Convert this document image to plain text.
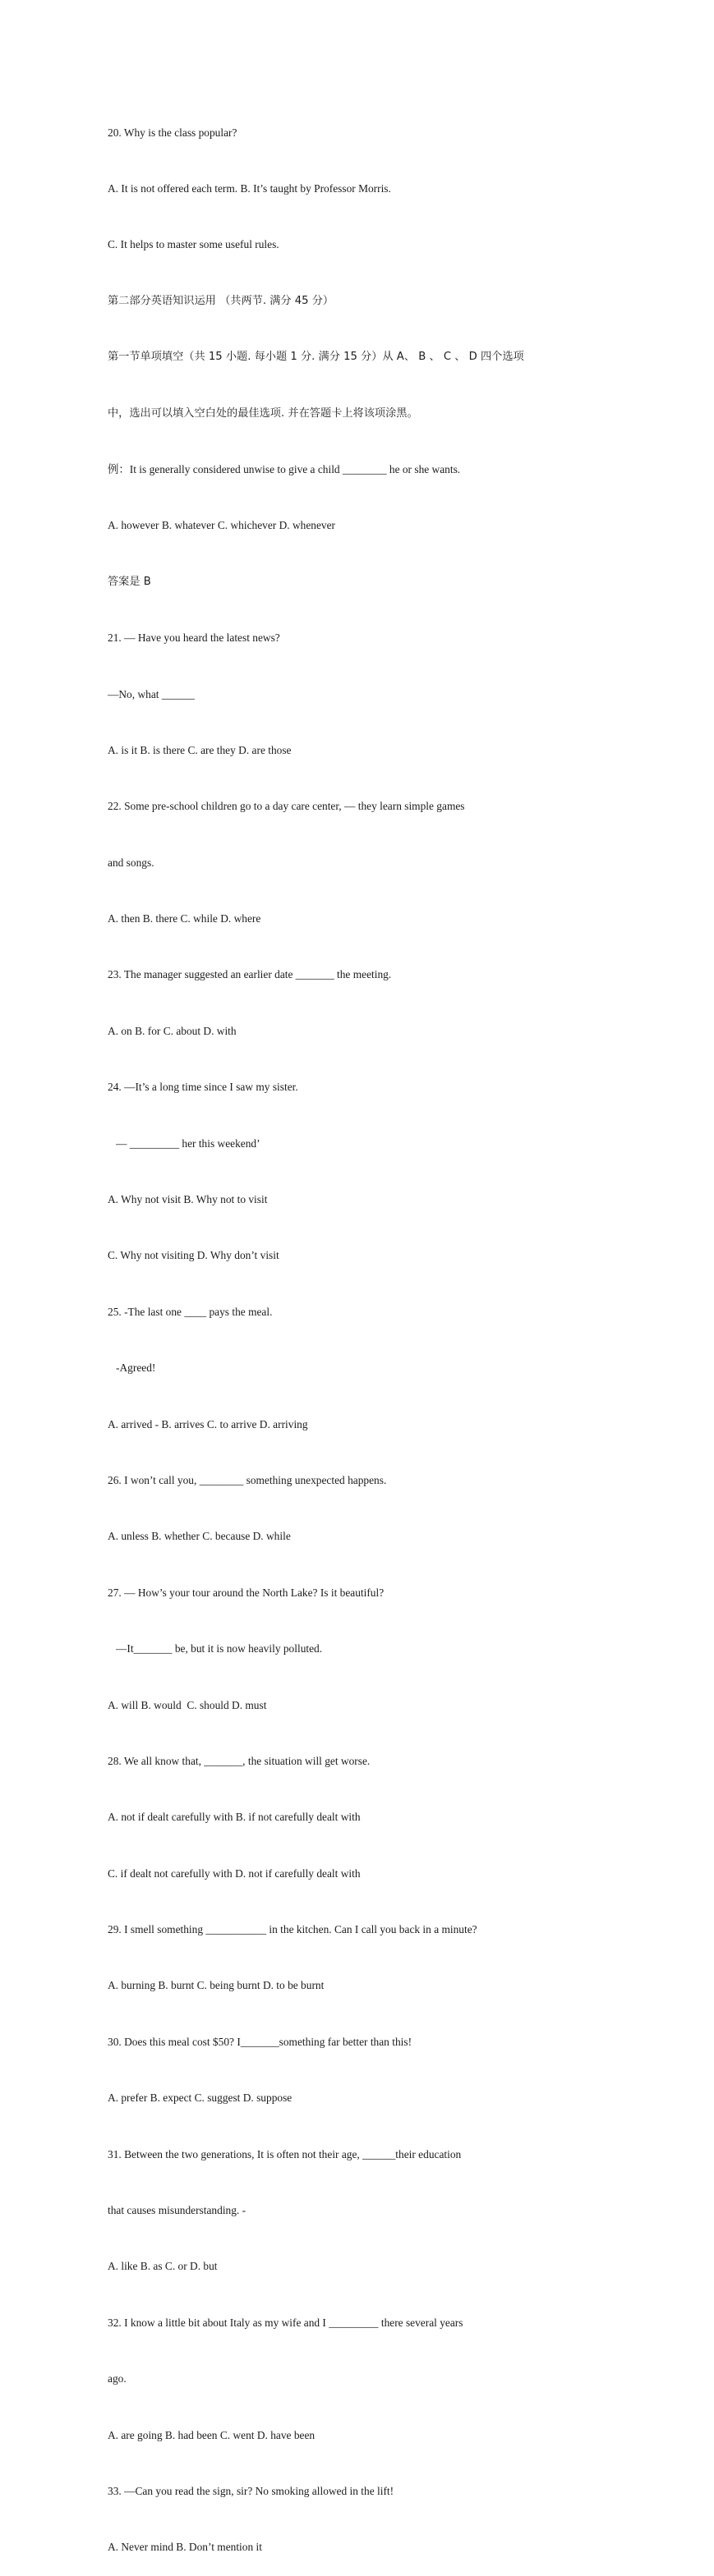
20. Why is the class popular?

A. It is not offered each term. B. It’s taught by Professor Morris.

C. It helps to master some useful rules.

第二部分英语知识运用 （共两节. 满分 45 分）

第一节单项填空（共 15 小题. 每小题 1 分. 满分 15 分）从 A、 B 、 C 、 D 四个选项

中，选出可以填入空白处的最佳选项. 并在答题卡上将该项涂黑。

例：It is generally considered unwise to give a child ________ he or she wants.

A. however B. whatever C. whichever D. whenever

答案是 B

21. — Have you heard the latest news?

—No, what ______

A. is it B. is there C. are they D. are those

22. Some pre-school children go to a day care center, — they learn simple games

and songs.

A. then B. there C. while D. where

23. The manager suggested an earlier date _______ the meeting.

A. on B. for C. about D. with

24. —It’s a long time since I saw my sister.

— _________ her this weekend’

A. Why not visit B. Why not to visit

C. Why not visiting D. Why don’t visit

25. -The last one ____ pays the meal.

-Agreed!

A. arrived - B. arrives C. to arrive D. arriving

26. I won’t call you, ________ something unexpected happens.

A. unless B. whether C. because D. while

27. — How’s your tour around the North Lake? Is it beautiful?

—It_______ be, but it is now heavily polluted.

A. will B. would  C. should D. must

28. We all know that, _______, the situation will get worse.

A. not if dealt carefully with B. if not carefully dealt with

C. if dealt not carefully with D. not if carefully dealt with

29. I smell something ___________ in the kitchen. Can I call you back in a minute?

A. burning B. burnt C. being burnt D. to be burnt

30. Does this meal cost $50? I_______something far better than this!

A. prefer B. expect C. suggest D. suppose

31. Between the two generations, It is often not their age, ______their education

that causes misunderstanding. -

A. like B. as C. or D. but

32. I know a little bit about Italy as my wife and I _________ there several years

ago.

A. are going B. had been C. went D. have been

33. —Can you read the sign, sir? No smoking allowed in the lift!

A. Never mind B. Don’t mention it
